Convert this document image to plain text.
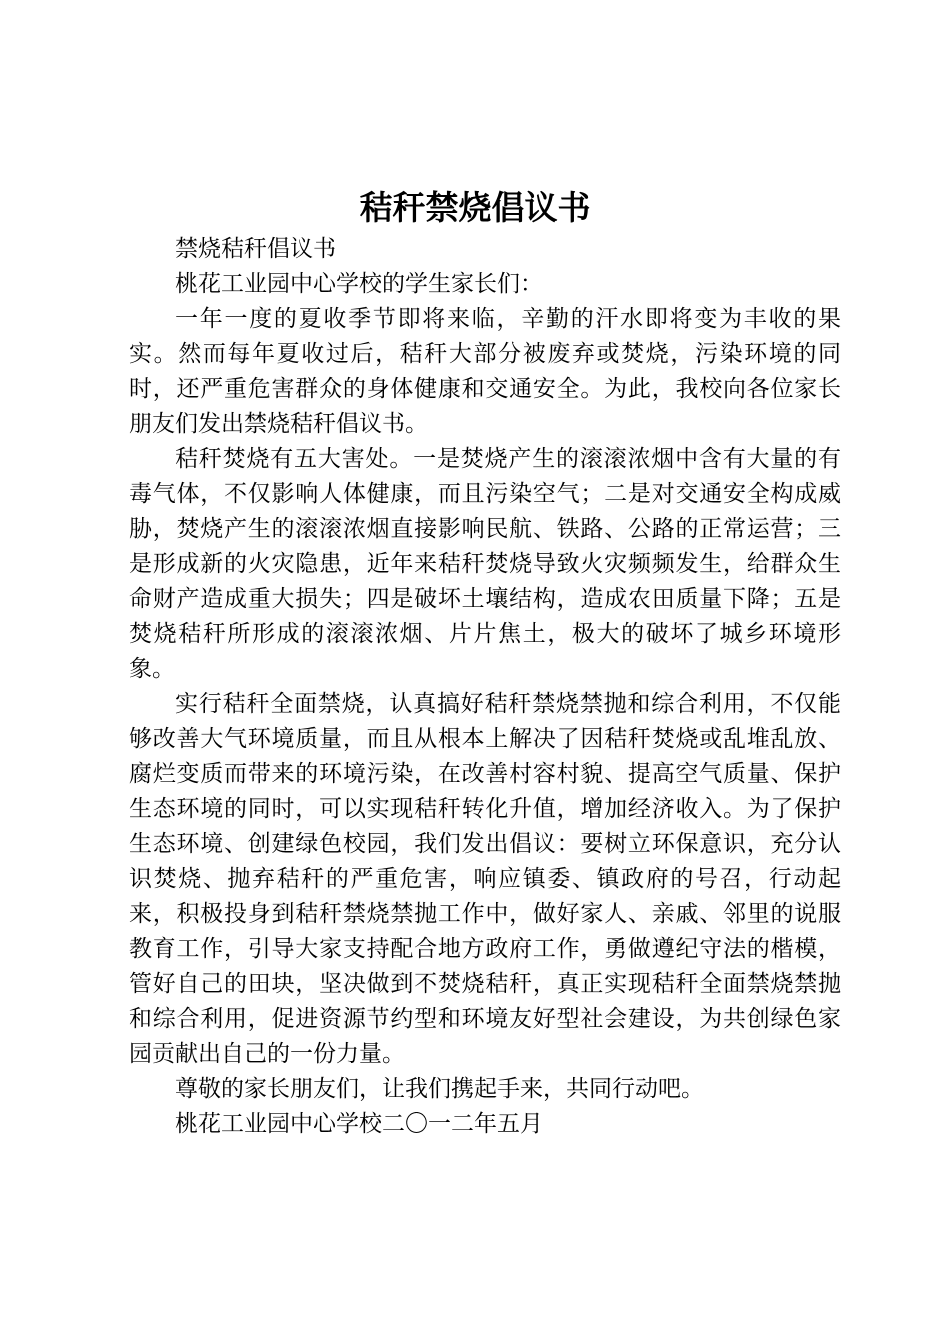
秸秆禁烧倡议书

禁烧秸秆倡议书

桃花工业园中心学校的学生家长们：

一年一度的夏收季节即将来临，辛勤的汗水即将变为丰收的果实。然而每年夏收过后，秸秆大部分被废弃或焚烧，污染环境的同时，还严重危害群众的身体健康和交通安全。为此，我校向各位家长朋友们发出禁烧秸秆倡议书。

秸秆焚烧有五大害处。一是焚烧产生的滚滚浓烟中含有大量的有毒气体，不仅影响人体健康，而且污染空气；二是对交通安全构成威胁，焚烧产生的滚滚浓烟直接影响民航、铁路、公路的正常运营；三是形成新的火灾隐患，近年来秸秆焚烧导致火灾频频发生，给群众生命财产造成重大损失；四是破坏土壤结构，造成农田质量下降；五是焚烧秸秆所形成的滚滚浓烟、片片焦土，极大的破坏了城乡环境形象。

实行秸秆全面禁烧，认真搞好秸秆禁烧禁抛和综合利用，不仅能够改善大气环境质量，而且从根本上解决了因秸秆焚烧或乱堆乱放、腐烂变质而带来的环境污染，在改善村容村貌、提高空气质量、保护生态环境的同时，可以实现秸秆转化升值，增加经济收入。为了保护生态环境、创建绿色校园，我们发出倡议：要树立环保意识，充分认识焚烧、抛弃秸秆的严重危害，响应镇委、镇政府的号召，行动起来，积极投身到秸秆禁烧禁抛工作中，做好家人、亲戚、邻里的说服教育工作，引导大家支持配合地方政府工作，勇做遵纪守法的楷模，管好自己的田块，坚决做到不焚烧秸秆，真正实现秸秆全面禁烧禁抛和综合利用，促进资源节约型和环境友好型社会建设，为共创绿色家园贡献出自己的一份力量。

尊敬的家长朋友们，让我们携起手来，共同行动吧。

桃花工业园中心学校二〇一二年五月
